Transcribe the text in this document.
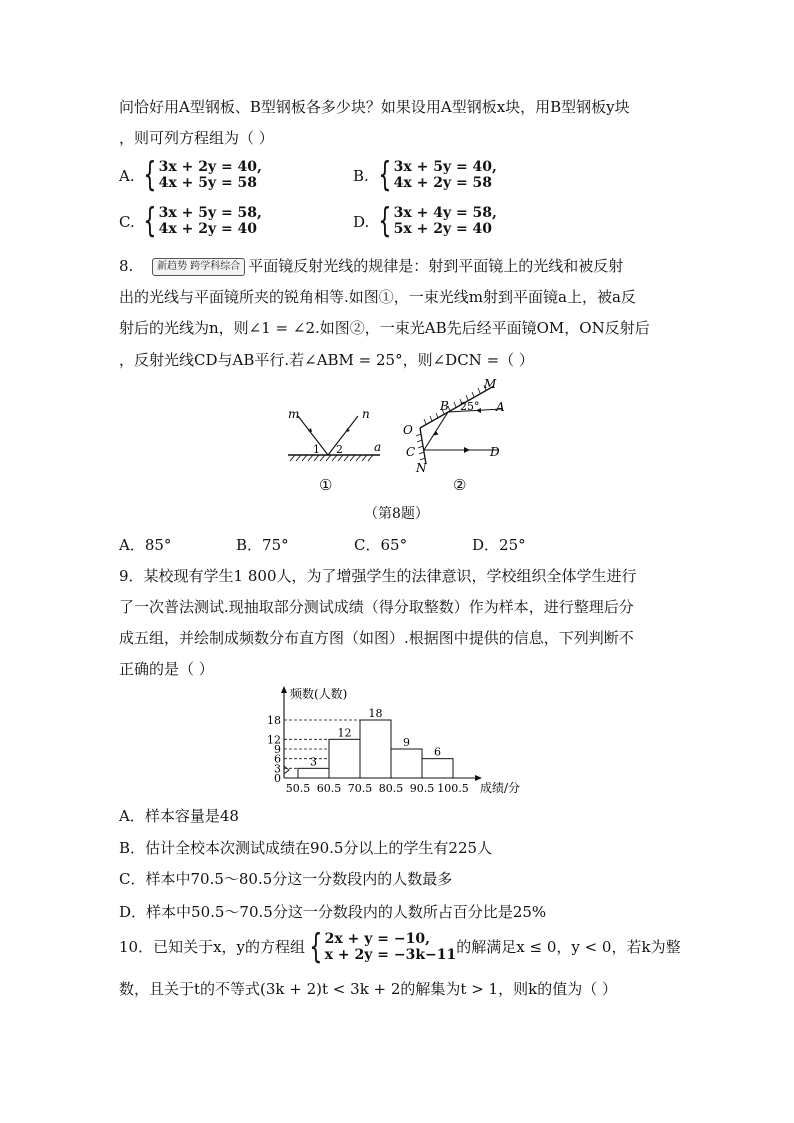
问恰好用A型钢板、B型钢板各多少块？如果设用A型钢板x块，用B型钢板y块
，则可列方程组为（ ）
A. { 3x + 2y = 40,
4x + 5y = 58	B. { 3x + 5y = 40,
4x + 2y = 58
C. { 3x + 5y = 58,
4x + 2y = 40	D. { 3x + 4y = 58,
5x + 2y = 40
8. 新趋势 跨学科综合 平面镜反射光线的规律是：射到平面镜上的光线和被反射
出的光线与平面镜所夹的锐角相等.如图①，一束光线m射到平面镜a上，被a反
射后的光线为n，则∠1 = ∠2.如图②，一束光AB先后经平面镜OM，ON反射后
，反射光线CD与AB平行.若∠ABM = 25°，则∠DCN =（ ）
m	n
a
1 2
①
M
25° A
B
O
C	D
N
②
（第8题）
A．85°	B．75°	C．65°	D．25°
9．某校现有学生1 800人，为了增强学生的法律意识，学校组织全体学生进行
了一次普法测试.现抽取部分测试成绩（得分取整数）作为样本，进行整理后分
成五组，并绘制成频数分布直方图（如图）.根据图中提供的信息，下列判断不
正确的是（ ）
频数(人数)
成绩/分
0
3
6
9
12
18
3
12
18
9
6
50.5 60.5 70.5 80.5 90.5 100.5
A．样本容量是48
B．估计全校本次测试成绩在90.5分以上的学生有225人
C．样本中70.5～80.5分这一分数段内的人数最多
D．样本中50.5～70.5分这一分数段内的人数所占百分比是25%
10．已知关于x，y的方程组 { 2x + y = −10,
x + 2y = −3k−11 的解满足x ≤ 0，y < 0，若k为整
数，且关于t的不等式(3k + 2)t < 3k + 2的解集为t > 1，则k的值为（ ）
